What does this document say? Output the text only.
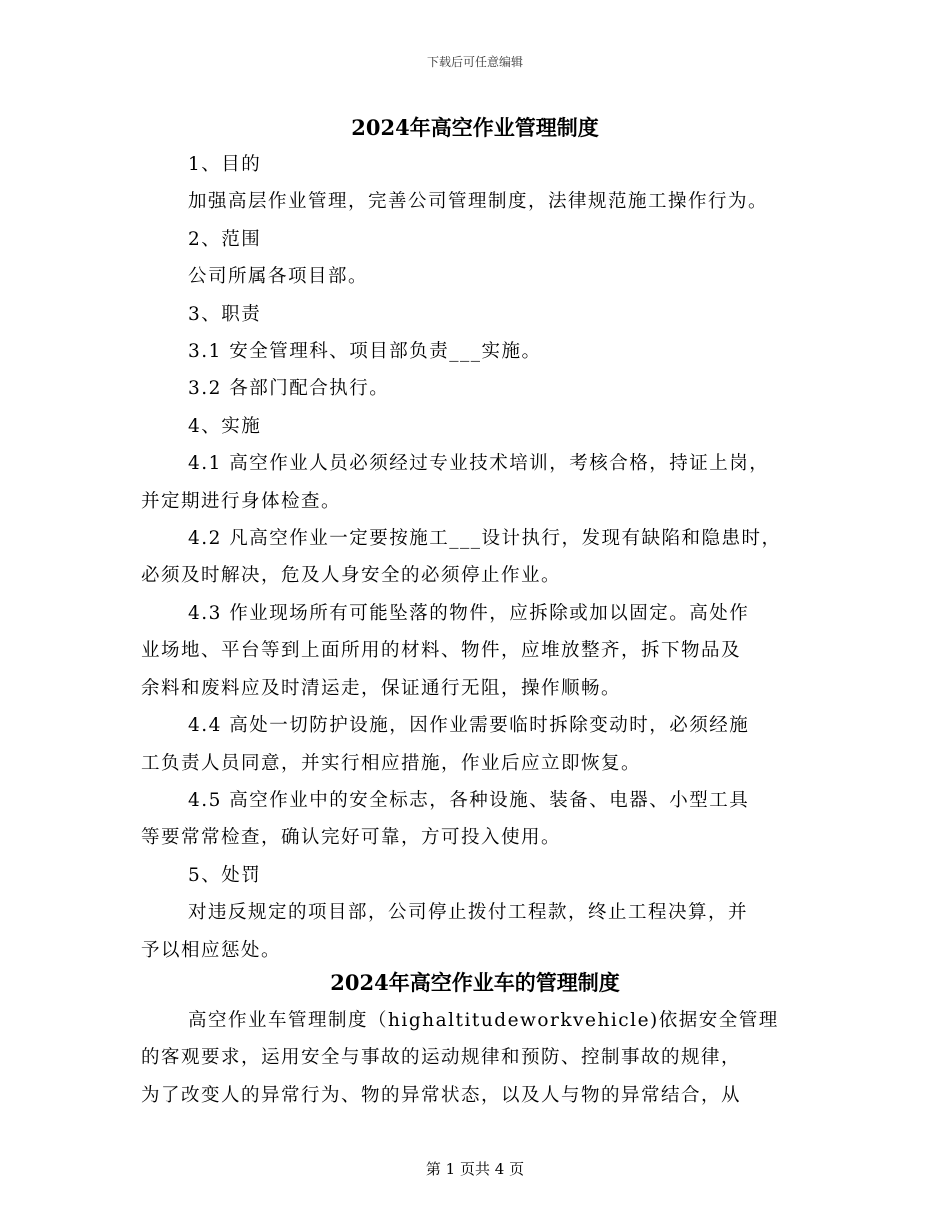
下载后可任意编辑
2024年高空作业管理制度
1、目的
加强高层作业管理，完善公司管理制度，法律规范施工操作行为。
2、范围
公司所属各项目部。
3、职责
3.1 安全管理科、项目部负责___实施。
3.2 各部门配合执行。
4、实施
4.1 高空作业人员必须经过专业技术培训，考核合格，持证上岗，
并定期进行身体检查。
4.2 凡高空作业一定要按施工___设计执行，发现有缺陷和隐患时，
必须及时解决，危及人身安全的必须停止作业。
4.3 作业现场所有可能坠落的物件，应拆除或加以固定。高处作
业场地、平台等到上面所用的材料、物件，应堆放整齐，拆下物品及
余料和废料应及时清运走，保证通行无阻，操作顺畅。
4.4 高处一切防护设施，因作业需要临时拆除变动时，必须经施
工负责人员同意，并实行相应措施，作业后应立即恢复。
4.5 高空作业中的安全标志，各种设施、装备、电器、小型工具
等要常常检查，确认完好可靠，方可投入使用。
5、处罚
对违反规定的项目部，公司停止拨付工程款，终止工程决算，并
予以相应惩处。
2024年高空作业车的管理制度
高空作业车管理制度（highaltitudeworkvehicle)依据安全管理
的客观要求，运用安全与事故的运动规律和预防、控制事故的规律，
为了改变人的异常行为、物的异常状态，以及人与物的异常结合，从
第 1 页共 4 页
